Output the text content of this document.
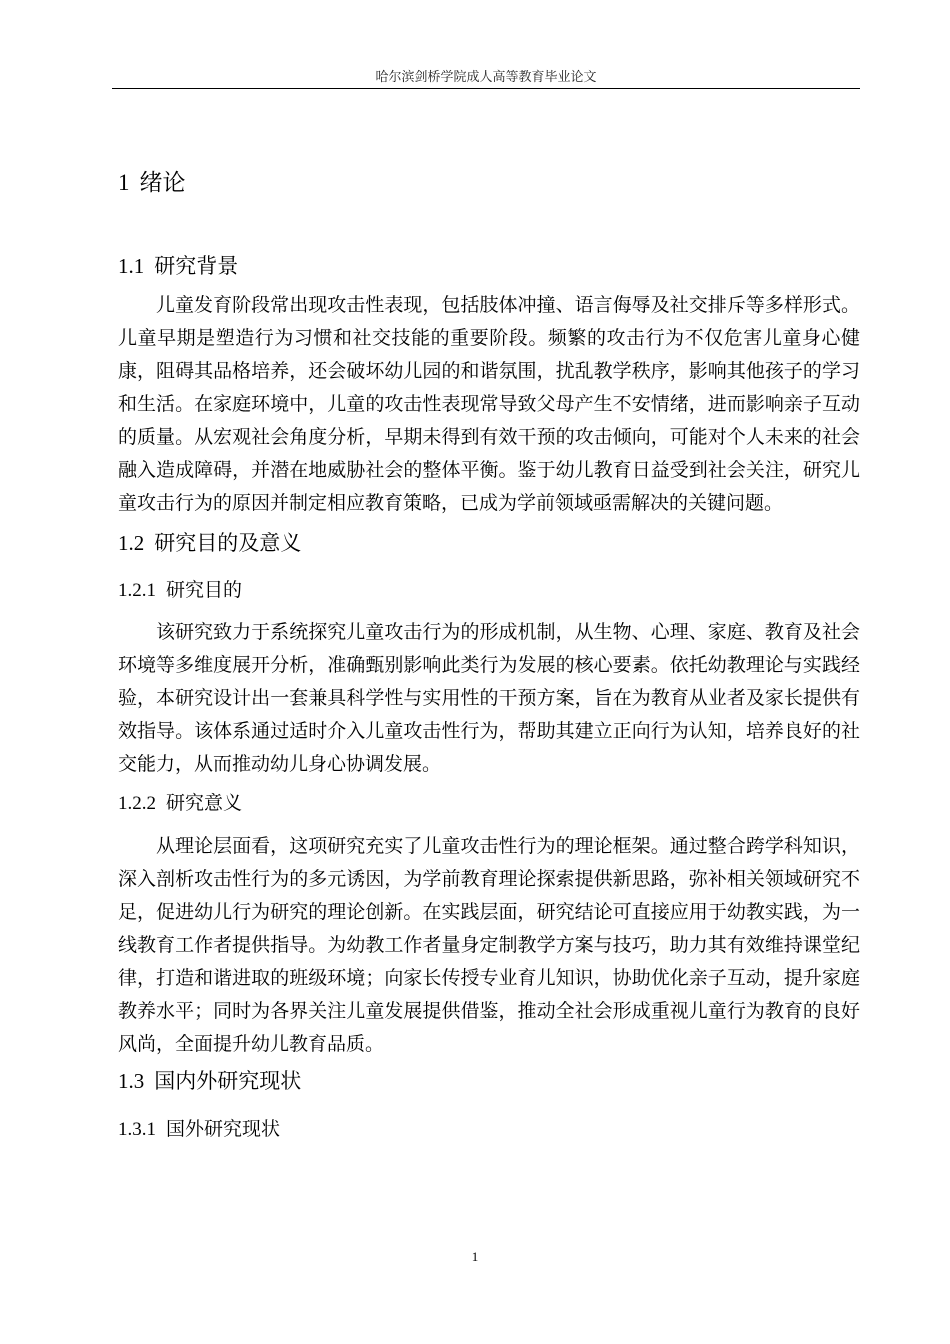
哈尔滨剑桥学院成人高等教育毕业论文
1 绪论
1.1 研究背景
儿童发育阶段常出现攻击性表现，包括肢体冲撞、语言侮辱及社交排斥等多样形式。
儿童早期是塑造行为习惯和社交技能的重要阶段。频繁的攻击行为不仅危害儿童身心健
康，阻碍其品格培养，还会破坏幼儿园的和谐氛围，扰乱教学秩序，影响其他孩子的学习
和生活。在家庭环境中，儿童的攻击性表现常导致父母产生不安情绪，进而影响亲子互动
的质量。从宏观社会角度分析，早期未得到有效干预的攻击倾向，可能对个人未来的社会
融入造成障碍，并潜在地威胁社会的整体平衡。鉴于幼儿教育日益受到社会关注，研究儿
童攻击行为的原因并制定相应教育策略，已成为学前领域亟需解决的关键问题。
1.2 研究目的及意义
1.2.1 研究目的
该研究致力于系统探究儿童攻击行为的形成机制，从生物、心理、家庭、教育及社会
环境等多维度展开分析，准确甄别影响此类行为发展的核心要素。依托幼教理论与实践经
验，本研究设计出一套兼具科学性与实用性的干预方案，旨在为教育从业者及家长提供有
效指导。该体系通过适时介入儿童攻击性行为，帮助其建立正向行为认知，培养良好的社
交能力，从而推动幼儿身心协调发展。
1.2.2 研究意义
从理论层面看，这项研究充实了儿童攻击性行为的理论框架。通过整合跨学科知识，
深入剖析攻击性行为的多元诱因，为学前教育理论探索提供新思路，弥补相关领域研究不
足，促进幼儿行为研究的理论创新。在实践层面，研究结论可直接应用于幼教实践，为一
线教育工作者提供指导。为幼教工作者量身定制教学方案与技巧，助力其有效维持课堂纪
律，打造和谐进取的班级环境；向家长传授专业育儿知识，协助优化亲子互动，提升家庭
教养水平；同时为各界关注儿童发展提供借鉴，推动全社会形成重视儿童行为教育的良好
风尚，全面提升幼儿教育品质。
1.3 国内外研究现状
1.3.1 国外研究现状
1
